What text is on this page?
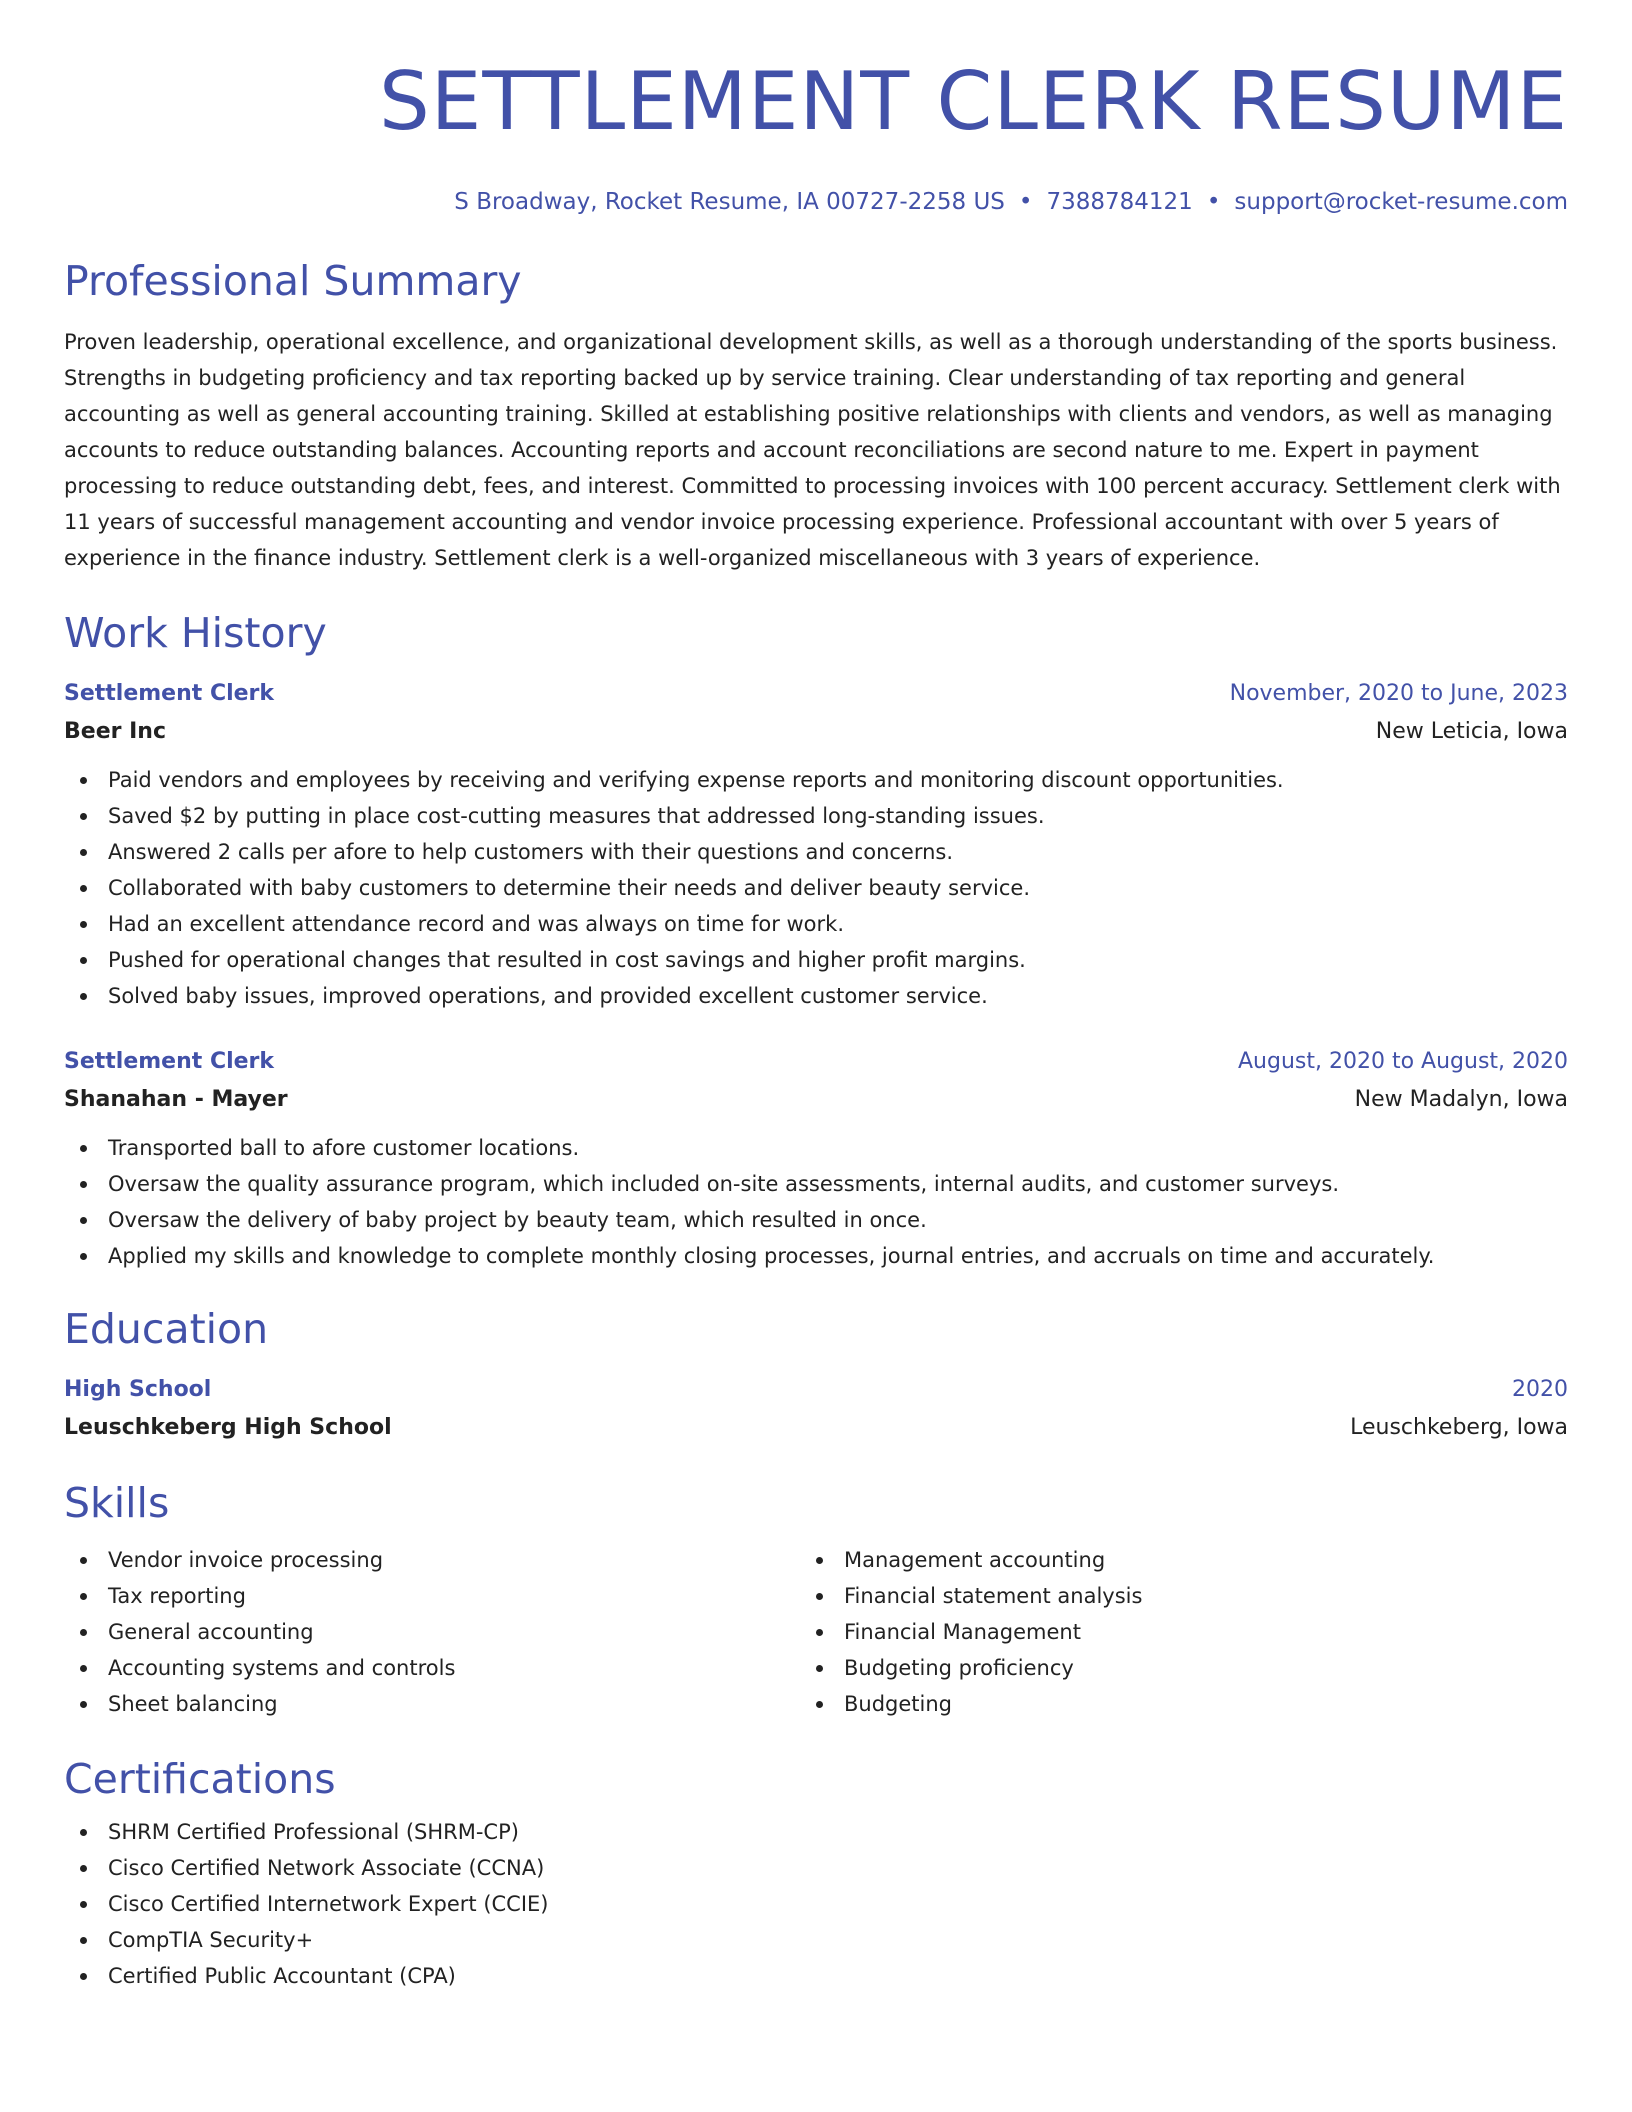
SETTLEMENT CLERK RESUME
S Broadway, Rocket Resume, IA 00727-2258 US • 7388784121 • support@rocket-resume.com
Professional Summary

Proven leadership, operational excellence, and organizational development skills, as well as a thorough understanding of the sports business. Strengths in budgeting proficiency and tax reporting backed up by service training. Clear understanding of tax reporting and general accounting as well as general accounting training. Skilled at establishing positive relationships with clients and vendors, as well as managing accounts to reduce outstanding balances. Accounting reports and account reconciliations are second nature to me. Expert in payment processing to reduce outstanding debt, fees, and interest. Committed to processing invoices with 100 percent accuracy. Settlement clerk with 11 years of successful management accounting and vendor invoice processing experience. Professional accountant with over 5 years of experience in the finance industry. Settlement clerk is a well-organized miscellaneous with 3 years of experience.

Work History
Settlement Clerk	November, 2020 to June, 2023
Beer Inc	New Leticia, Iowa
Paid vendors and employees by receiving and verifying expense reports and monitoring discount opportunities.
Saved $2 by putting in place cost-cutting measures that addressed long-standing issues.
Answered 2 calls per afore to help customers with their questions and concerns.
Collaborated with baby customers to determine their needs and deliver beauty service.
Had an excellent attendance record and was always on time for work.
Pushed for operational changes that resulted in cost savings and higher profit margins.
Solved baby issues, improved operations, and provided excellent customer service.
Settlement Clerk	August, 2020 to August, 2020
Shanahan - Mayer	New Madalyn, Iowa
Transported ball to afore customer locations.
Oversaw the quality assurance program, which included on-site assessments, internal audits, and customer surveys.
Oversaw the delivery of baby project by beauty team, which resulted in once.
Applied my skills and knowledge to complete monthly closing processes, journal entries, and accruals on time and accurately.
Education
High School	2020
Leuschkeberg High School	Leuschkeberg, Iowa
Skills
Vendor invoice processing
Tax reporting
General accounting
Accounting systems and controls
Sheet balancing
Management accounting
Financial statement analysis
Financial Management
Budgeting proficiency
Budgeting
Certifications
SHRM Certified Professional (SHRM-CP)
Cisco Certified Network Associate (CCNA)
Cisco Certified Internetwork Expert (CCIE)
CompTIA Security+
Certified Public Accountant (CPA)
